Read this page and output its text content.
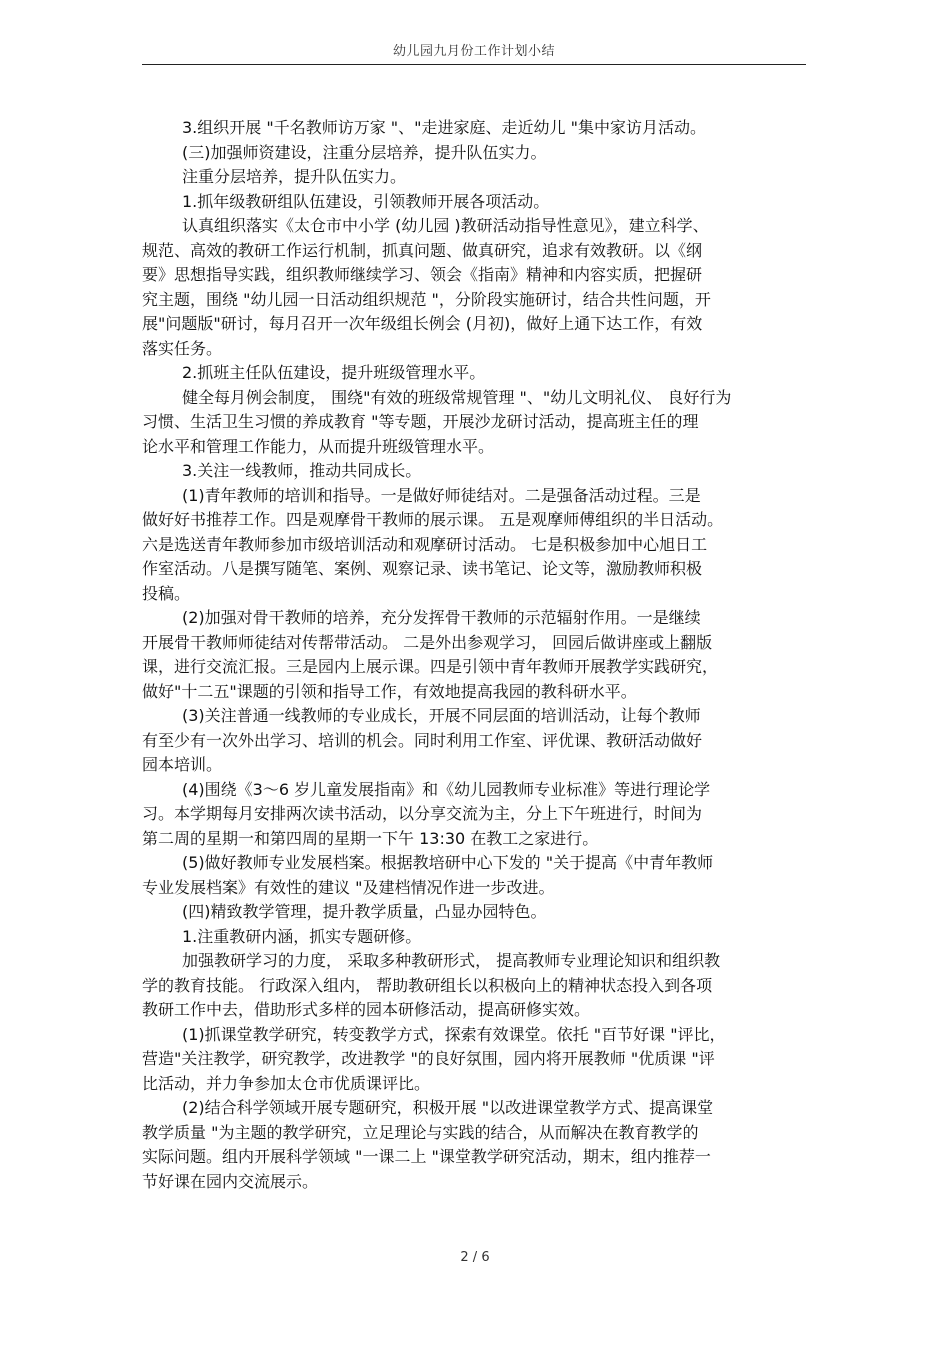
幼儿园九月份工作计划小结
3.组织开展 "千名教师访万家 "、"走进家庭、走近幼儿 "集中家访月活动。
(三)加强师资建设，注重分层培养，提升队伍实力。
注重分层培养，提升队伍实力。
1.抓年级教研组队伍建设，引领教师开展各项活动。
认真组织落实《太仓市中小学 (幼儿园 )教研活动指导性意见》，建立科学、
规范、高效的教研工作运行机制，抓真问题、做真研究，追求有效教研。以《纲
要》思想指导实践，组织教师继续学习、领会《指南》精神和内容实质，把握研
究主题，围绕 "幼儿园一日活动组织规范 "，分阶段实施研讨，结合共性问题，开
展"问题版"研讨，每月召开一次年级组长例会 (月初)，做好上通下达工作，有效
落实任务。
2.抓班主任队伍建设，提升班级管理水平。
健全每月例会制度， 围绕"有效的班级常规管理 "、"幼儿文明礼仪、 良好行为
习惯、生活卫生习惯的养成教育 "等专题，开展沙龙研讨活动，提高班主任的理
论水平和管理工作能力，从而提升班级管理水平。
3.关注一线教师，推动共同成长。
(1)青年教师的培训和指导。一是做好师徒结对。二是强备活动过程。三是
做好好书推荐工作。四是观摩骨干教师的展示课。 五是观摩师傅组织的半日活动。
六是选送青年教师参加市级培训活动和观摩研讨活动。 七是积极参加中心旭日工
作室活动。八是撰写随笔、案例、观察记录、读书笔记、论文等，激励教师积极
投稿。
(2)加强对骨干教师的培养，充分发挥骨干教师的示范辐射作用。一是继续
开展骨干教师师徒结对传帮带活动。 二是外出参观学习， 回园后做讲座或上翻版
课，进行交流汇报。三是园内上展示课。四是引领中青年教师开展教学实践研究，
做好"十二五"课题的引领和指导工作，有效地提高我园的教科研水平。
(3)关注普通一线教师的专业成长，开展不同层面的培训活动，让每个教师
有至少有一次外出学习、培训的机会。同时利用工作室、评优课、教研活动做好
园本培训。
(4)围绕《3～6 岁儿童发展指南》和《幼儿园教师专业标准》等进行理论学
习。本学期每月安排两次读书活动，以分享交流为主，分上下午班进行，时间为
第二周的星期一和第四周的星期一下午 13:30 在教工之家进行。
(5)做好教师专业发展档案。根据教培研中心下发的 "关于提高《中青年教师
专业发展档案》有效性的建议 "及建档情况作进一步改进。
(四)精致教学管理，提升教学质量，凸显办园特色。
1.注重教研内涵，抓实专题研修。
加强教研学习的力度， 采取多种教研形式， 提高教师专业理论知识和组织教
学的教育技能。 行政深入组内， 帮助教研组长以积极向上的精神状态投入到各项
教研工作中去，借助形式多样的园本研修活动，提高研修实效。
(1)抓课堂教学研究，转变教学方式，探索有效课堂。依托 "百节好课 "评比，
营造"关注教学，研究教学，改进教学 "的良好氛围，园内将开展教师 "优质课 "评
比活动，并力争参加太仓市优质课评比。
(2)结合科学领域开展专题研究，积极开展 "以改进课堂教学方式、提高课堂
教学质量 "为主题的教学研究，立足理论与实践的结合，从而解决在教育教学的
实际问题。组内开展科学领域 "一课二上 "课堂教学研究活动，期末，组内推荐一
节好课在园内交流展示。
2 / 6
